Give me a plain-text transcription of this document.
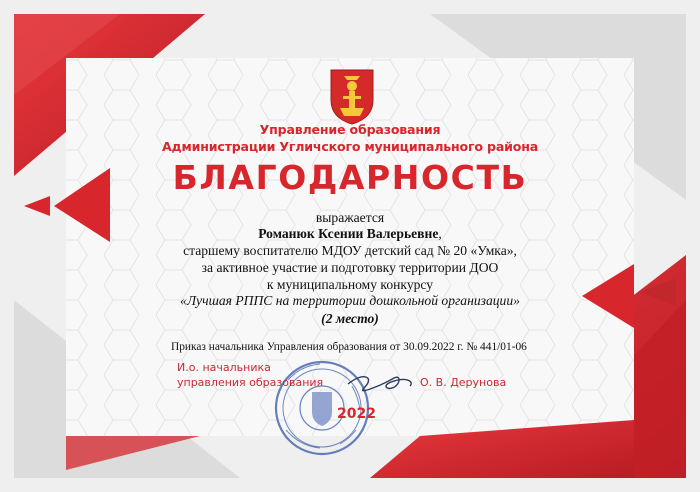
Управление образования
Администрации Угличского муниципального района
БЛАГОДАРНОСТЬ
выражается
Романюк Ксении Валерьевне,
старшему воспитателю МДОУ детский сад № 20 «Умка»,
за активное участие и подготовку территории ДОО
к муниципальному конкурсу
«Лучшая РППС на территории дошкольной организации»
(2 место)
Приказ начальника Управления образования от 30.09.2022 г. № 441/01-06
И.о. начальника
управления образования	О. В. Дерунова
2022
